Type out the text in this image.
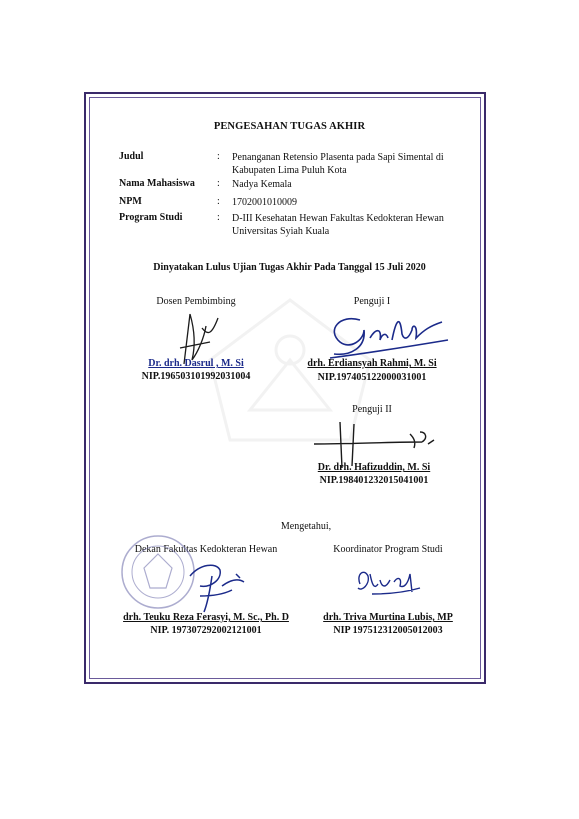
PENGESAHAN TUGAS AKHIR
Judul	: Penanganan Retensio Plasenta pada Sapi Simental di
Kabupaten Lima Puluh Kota
Nama Mahasiswa : Nadya Kemala
NPM	: 1702001010009
Program Studi	: D-III Kesehatan Hewan Fakultas Kedokteran Hewan
Universitas Syiah Kuala
Dinyatakan Lulus Ujian Tugas Akhir Pada Tanggal 15 Juli 2020
Dosen Pembimbing
Dr. drh. Dasrul , M. Si
NIP.196503101992031004
Penguji I
drh. Erdiansyah Rahmi, M. Si
NIP.197405122000031001
Penguji II
Dr. drh. Hafizuddin, M. Si
NIP.198401232015041001
Mengetahui,
Dekan Fakultas Kedokteran Hewan
drh. Teuku Reza Ferasyi, M. Sc., Ph. D
NIP. 197307292002121001
Koordinator Program Studi
drh. Triva Murtina Lubis, MP
NIP 197512312005012003
